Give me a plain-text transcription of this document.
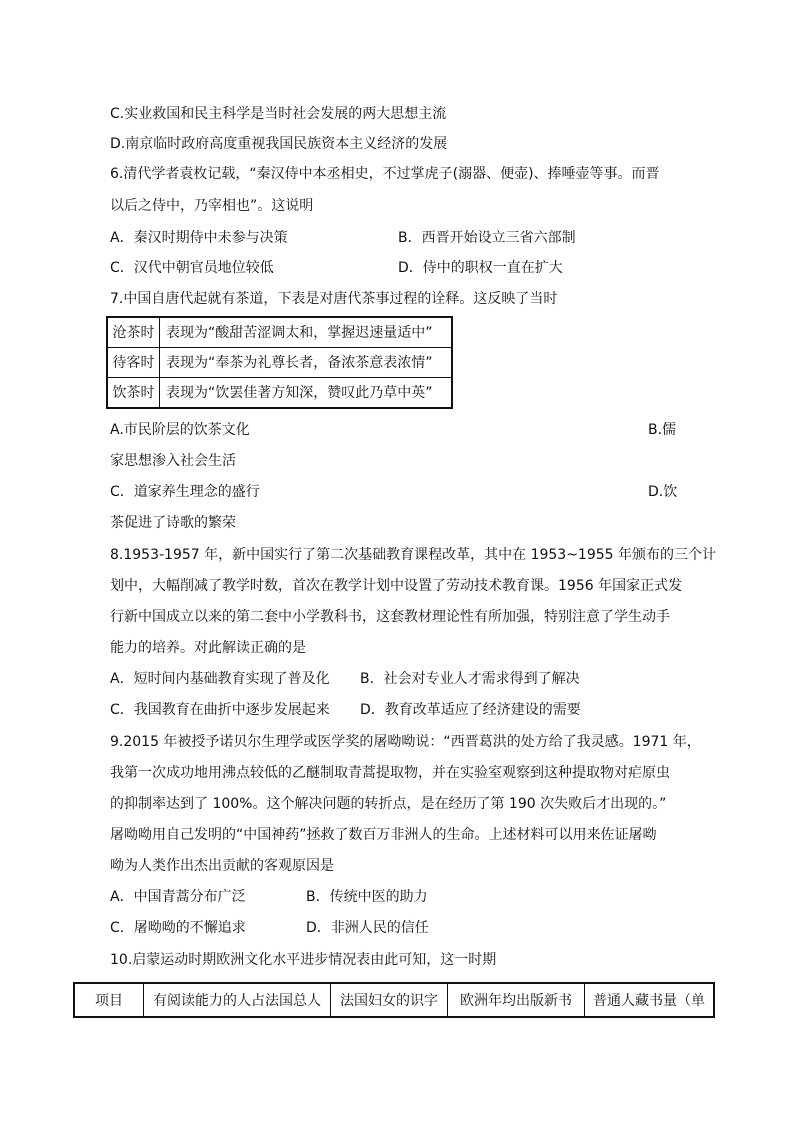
C.实业救国和民主科学是当时社会发展的两大思想主流
D.南京临时政府高度重视我国民族资本主义经济的发展
6.清代学者袁枚记载，“秦汉侍中本丞相史，不过掌虎子(溺器、便壶)、捧唾壶等事。而晋
以后之侍中，乃宰相也”。这说明
A．秦汉时期侍中未参与决策	B．西晋开始设立三省六部制
C．汉代中朝官员地位较低	D．侍中的职权一直在扩大
7.中国自唐代起就有茶道，下表是对唐代茶事过程的诠释。这反映了当时
沧茶时	表现为“酸甜苦涩调太和，掌握迟速量适中”
待客时	表现为“奉茶为礼尊长者，备浓茶意表浓情”
饮茶时	表现为“饮罢佳著方知深，赞叹此乃草中英”
A.市民阶层的饮茶文化	B.儒
家思想渗入社会生活
C．道家养生理念的盛行	D.饮
茶促进了诗歌的繁荣
8.1953-1957 年，新中国实行了第二次基础教育课程改革，其中在 1953~1955 年颁布的三个计
划中，大幅削减了教学时数，首次在教学计划中设置了劳动技术教育课。1956 年国家正式发
行新中国成立以来的第二套中小学教科书，这套教材理论性有所加强，特别注意了学生动手
能力的培养。对此解读正确的是
A．短时间内基础教育实现了普及化 B．社会对专业人才需求得到了解决
C．我国教育在曲折中逐步发展起来 D．教育改革适应了经济建设的需要
9.2015 年被授予诺贝尔生理学或医学奖的屠呦呦说：“西晋葛洪的处方给了我灵感。1971 年，
我第一次成功地用沸点较低的乙醚制取青蒿提取物，并在实验室观察到这种提取物对疟原虫
的抑制率达到了 100%。这个解决问题的转折点，是在经历了第 190 次失败后才出现的。”
屠呦呦用自己发明的“中国神药”拯救了数百万非洲人的生命。上述材料可以用来佐证屠呦
呦为人类作出杰出贡献的客观原因是
A．中国青蒿分布广泛	B．传统中医的助力
C．屠呦呦的不懈追求	D．非洲人民的信任
10.启蒙运动时期欧洲文化水平进步情况表由此可知，这一时期
项目	有阅读能力的人占法国总人	法国妇女的识字	欧洲年均出版新书	普通人藏书量（单
